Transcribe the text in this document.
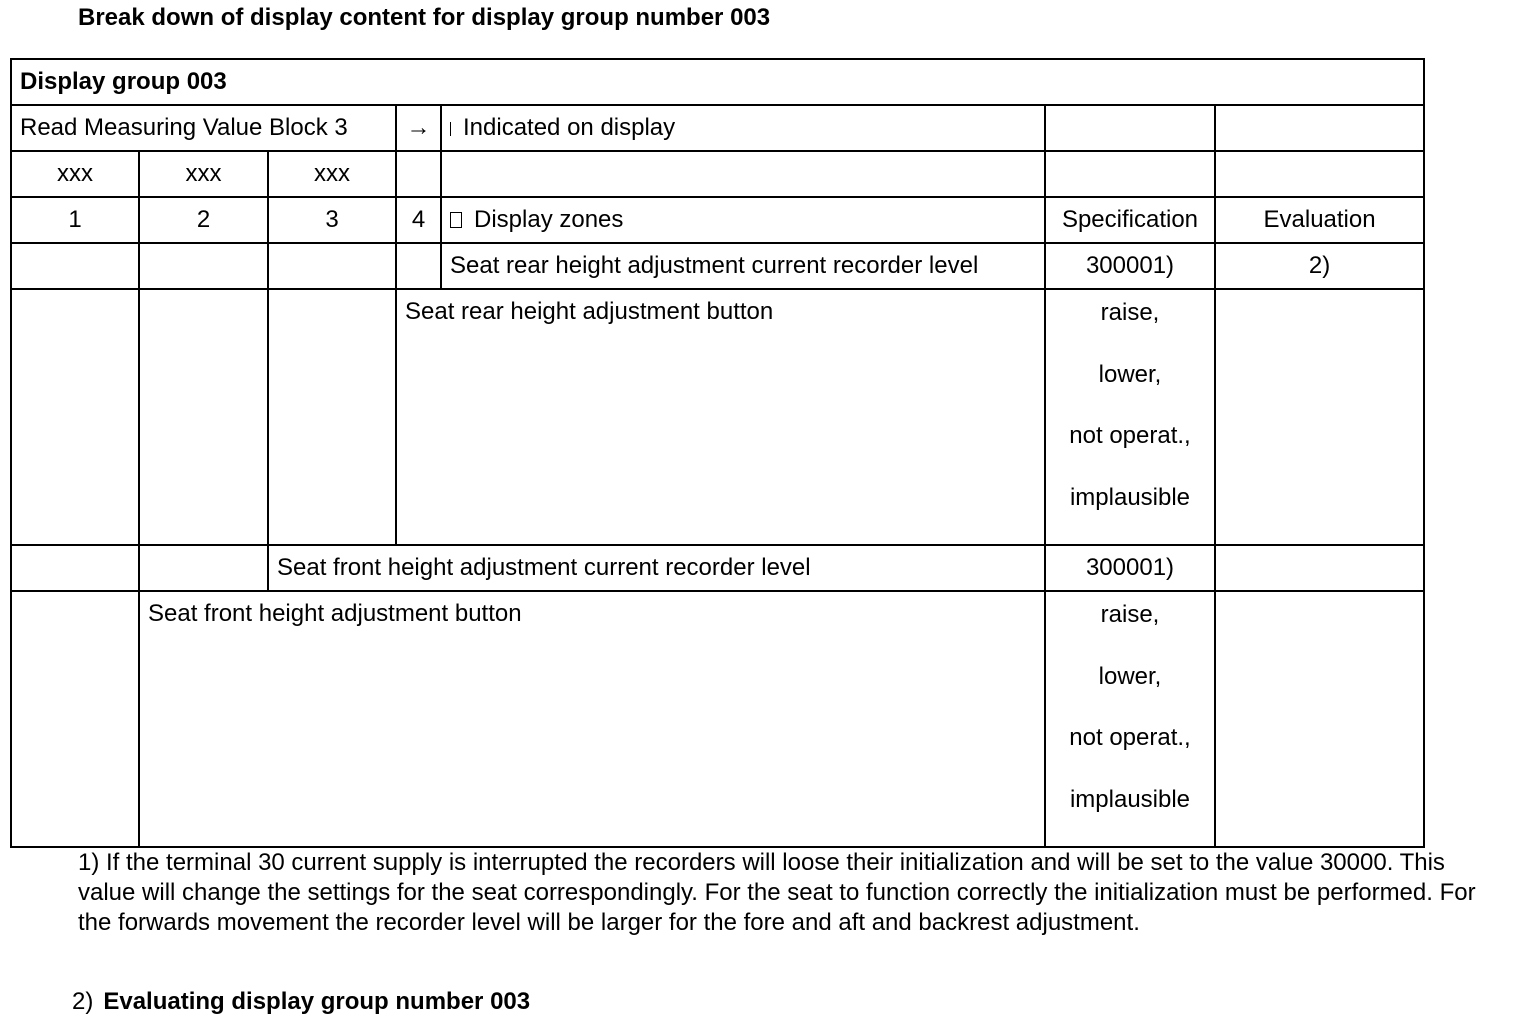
Break down of display content for display group number 003
Display group 003						
Read Measuring Value Block 3			→	Indicated on display		
xxx	xxx	xxx				
1	2	3	4	Display zones	Specification	Evaluation
				Seat rear height adjustment current recorder level	300001)	2)
			Seat rear height adjustment button		raise,
lower,
not operat.,
implausible	

		Seat front height adjustment current recorder level			300001)	
	Seat front height adjustment button				raise,
lower,
not operat.,
implausible	

1) If the terminal 30 current supply is interrupted the recorders will loose their initialization and will be set to the value 30000. This value will change the settings for the seat correspondingly. For the seat to function correctly the initialization must be performed. For the forwards movement the recorder level will be larger for the fore and aft and backrest adjustment.
2) Evaluating display group number 003
